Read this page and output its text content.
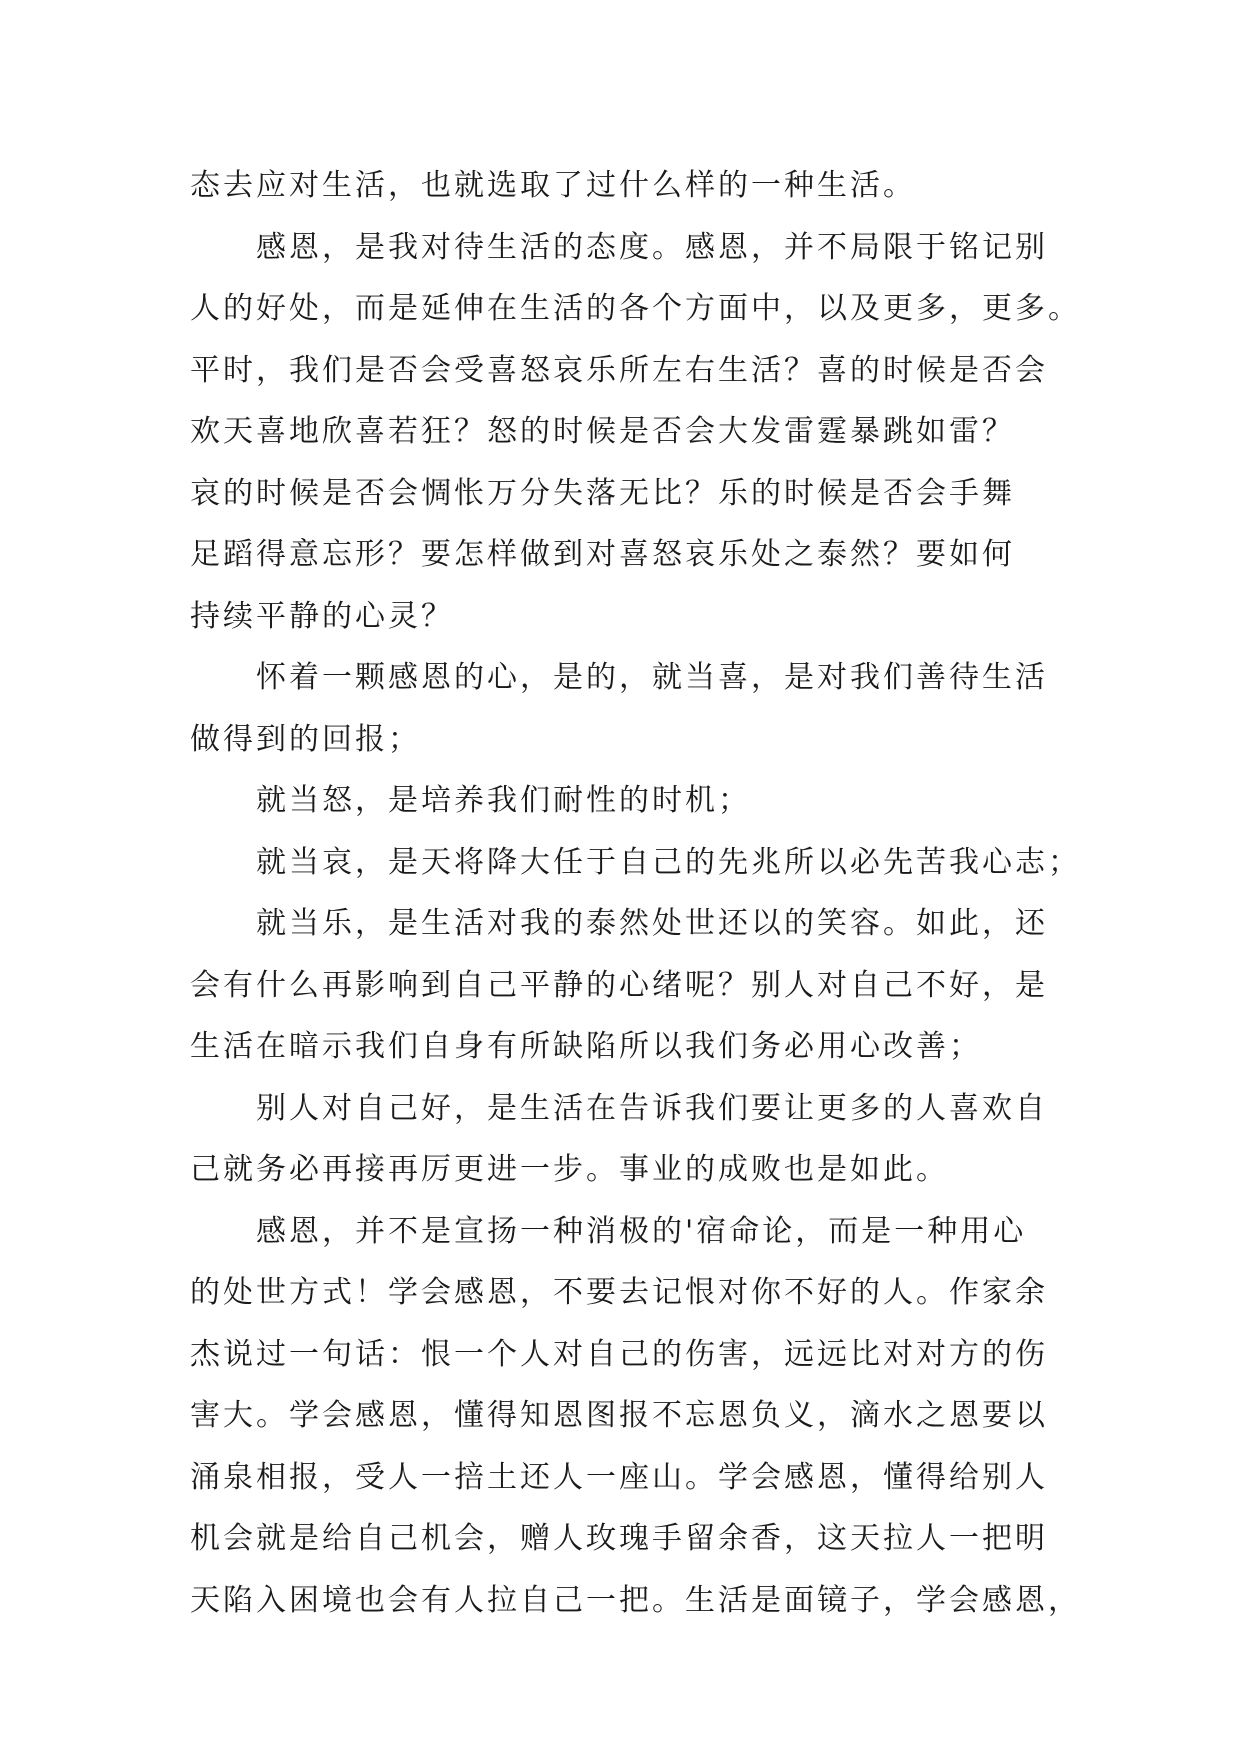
态去应对生活，也就选取了过什么样的一种生活。
感恩，是我对待生活的态度。感恩，并不局限于铭记别
人的好处，而是延伸在生活的各个方面中，以及更多，更多。
平时，我们是否会受喜怒哀乐所左右生活？喜的时候是否会
欢天喜地欣喜若狂？怒的时候是否会大发雷霆暴跳如雷？
哀的时候是否会惆怅万分失落无比？乐的时候是否会手舞
足蹈得意忘形？要怎样做到对喜怒哀乐处之泰然？要如何
持续平静的心灵？
怀着一颗感恩的心，是的，就当喜，是对我们善待生活
做得到的回报；
就当怒，是培养我们耐性的时机；
就当哀，是天将降大任于自己的先兆所以必先苦我心志；
就当乐，是生活对我的泰然处世还以的笑容。如此，还
会有什么再影响到自己平静的心绪呢？别人对自己不好，是
生活在暗示我们自身有所缺陷所以我们务必用心改善；
别人对自己好，是生活在告诉我们要让更多的人喜欢自
己就务必再接再厉更进一步。事业的成败也是如此。
感恩，并不是宣扬一种消极的'宿命论，而是一种用心
的处世方式！学会感恩，不要去记恨对你不好的人。作家余
杰说过一句话：恨一个人对自己的伤害，远远比对对方的伤
害大。学会感恩，懂得知恩图报不忘恩负义，滴水之恩要以
涌泉相报，受人一掊土还人一座山。学会感恩，懂得给别人
机会就是给自己机会，赠人玫瑰手留余香，这天拉人一把明
天陷入困境也会有人拉自己一把。生活是面镜子，学会感恩，
